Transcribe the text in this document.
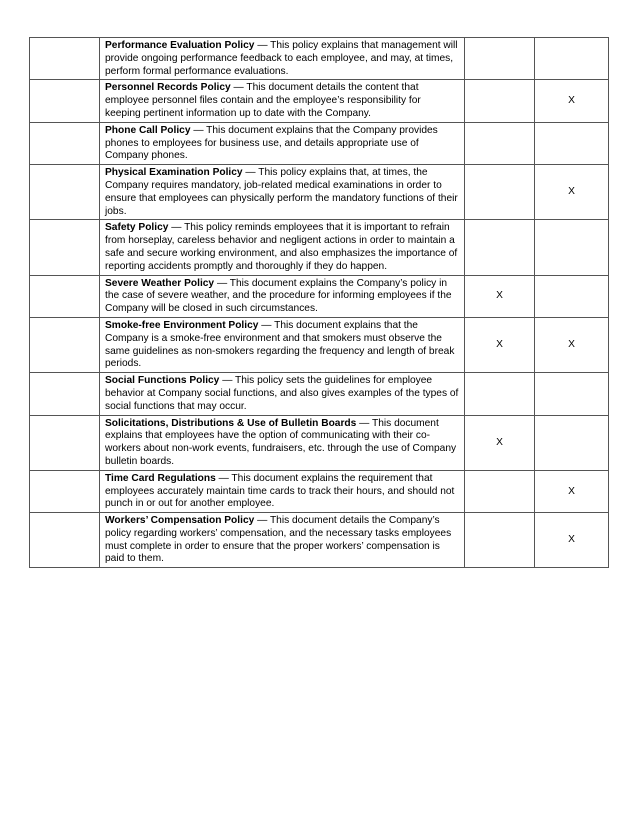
	Performance Evaluation Policy — This policy explains that management will provide ongoing performance feedback to each employee, and may, at times, perform formal performance evaluations.		
	Personnel Records Policy — This document details the content that employee personnel files contain and the employee’s responsibility for keeping pertinent information up to date with the Company.		X
	Phone Call Policy — This document explains that the Company provides phones to employees for business use, and details appropriate use of Company phones.		
	Physical Examination Policy — This policy explains that, at times, the Company requires mandatory, job-related medical examinations in order to ensure that employees can physically perform the mandatory functions of their jobs.		X
	Safety Policy — This policy reminds employees that it is important to refrain from horseplay, careless behavior and negligent actions in order to maintain a safe and secure working environment, and also emphasizes the importance of reporting accidents promptly and thoroughly if they do happen.		
	Severe Weather Policy — This document explains the Company’s policy in the case of severe weather, and the procedure for informing employees if the Company will be closed in such circumstances.	X	
	Smoke-free Environment Policy — This document explains that the Company is a smoke-free environment and that smokers must observe the same guidelines as non-smokers regarding the frequency and length of break periods.	X	X
	Social Functions Policy — This policy sets the guidelines for employee behavior at Company social functions, and also gives examples of the types of social functions that may occur.		
	Solicitations, Distributions & Use of Bulletin Boards — This document explains that employees have the option of communicating with their co-workers about non-work events, fundraisers, etc. through the use of Company bulletin boards.	X	
	Time Card Regulations — This document explains the requirement that employees accurately maintain time cards to track their hours, and should not punch in or out for another employee.		X
	Workers’ Compensation Policy — This document details the Company’s policy regarding workers’ compensation, and the necessary tasks employees must complete in order to ensure that the proper workers’ compensation is paid to them.		X
